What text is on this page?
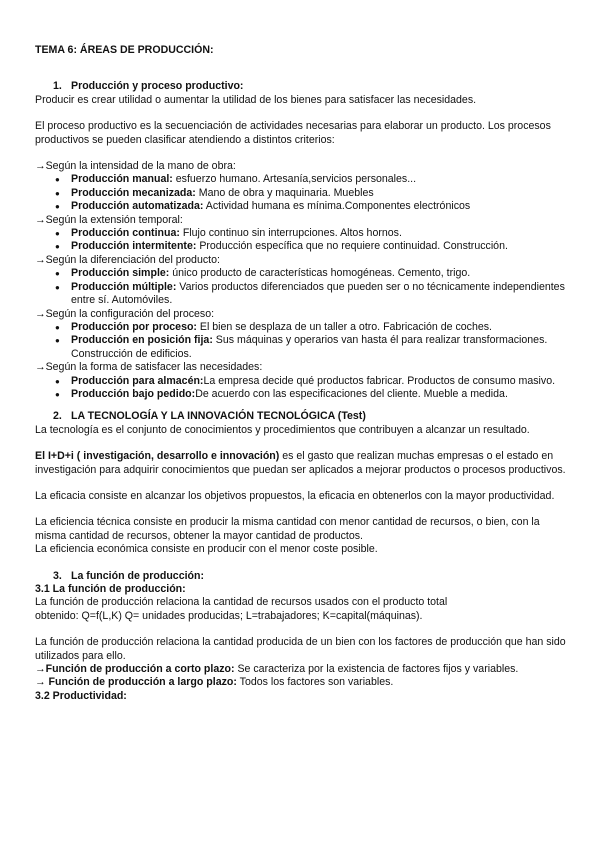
TEMA 6: ÁREAS DE PRODUCCIÓN:

1. Producción y proceso productivo:

Producir es crear utilidad o aumentar la utilidad de los bienes para satisfacer las necesidades.

El proceso productivo es la secuenciación de actividades necesarias para elaborar un producto. Los procesos productivos se pueden clasificar atendiendo a distintos criterios:

→Según la intensidad de la mano de obra:

● Producción manual: esfuerzo humano. Artesanía,servicios personales...
● Producción mecanizada: Mano de obra y maquinaria. Muebles
● Producción automatizada: Actividad humana es mínima.Componentes electrónicos

→Según la extensión temporal:

● Producción continua: Flujo continuo sin interrupciones. Altos hornos.
● Producción intermitente: Producción específica que no requiere continuidad. Construcción.

→Según la diferenciación del producto:

● Producción simple: único producto de características homogéneas. Cemento, trigo.
● Producción múltiple: Varios productos diferenciados que pueden ser o no técnicamente independientes entre sí. Automóviles.

→Según la configuración del proceso:

● Producción por proceso: El bien se desplaza de un taller a otro. Fabricación de coches.
● Producción en posición fija: Sus máquinas y operarios van hasta él para realizar transformaciones. Construcción de edificios.

→Según la forma de satisfacer las necesidades:

● Producción para almacén:La empresa decide qué productos fabricar. Productos de consumo masivo.
● Producción bajo pedido:De acuerdo con las especificaciones del cliente. Mueble a medida.

2. LA TECNOLOGÍA Y LA INNOVACIÓN TECNOLÓGICA (Test)

La tecnología es el conjunto de conocimientos y procedimientos que contribuyen a alcanzar un resultado.

El I+D+i ( investigación, desarrollo e innovación) es el gasto que realizan muchas empresas o el estado en investigación para adquirir conocimientos que puedan ser aplicados a mejorar productos o procesos productivos.

La eficacia consiste en alcanzar los objetivos propuestos, la eficacia en obtenerlos con la mayor productividad.

La eficiencia técnica consiste en producir la misma cantidad con menor cantidad de recursos, o bien, con la misma cantidad de recursos, obtener la mayor cantidad de productos.

La eficiencia económica consiste en producir con el menor coste posible.

3. La función de producción:

3.1 La función de producción:

La función de producción relaciona la cantidad de recursos usados con el producto total

obtenido: Q=f(L,K) Q= unidades producidas; L=trabajadores; K=capital(máquinas).

La función de producción relaciona la cantidad producida de un bien con los factores de producción que han sido utilizados para ello.

→Función de producción a corto plazo: Se caracteriza por la existencia de factores fijos y variables.

→ Función de producción a largo plazo: Todos los factores son variables.

3.2 Productividad:
